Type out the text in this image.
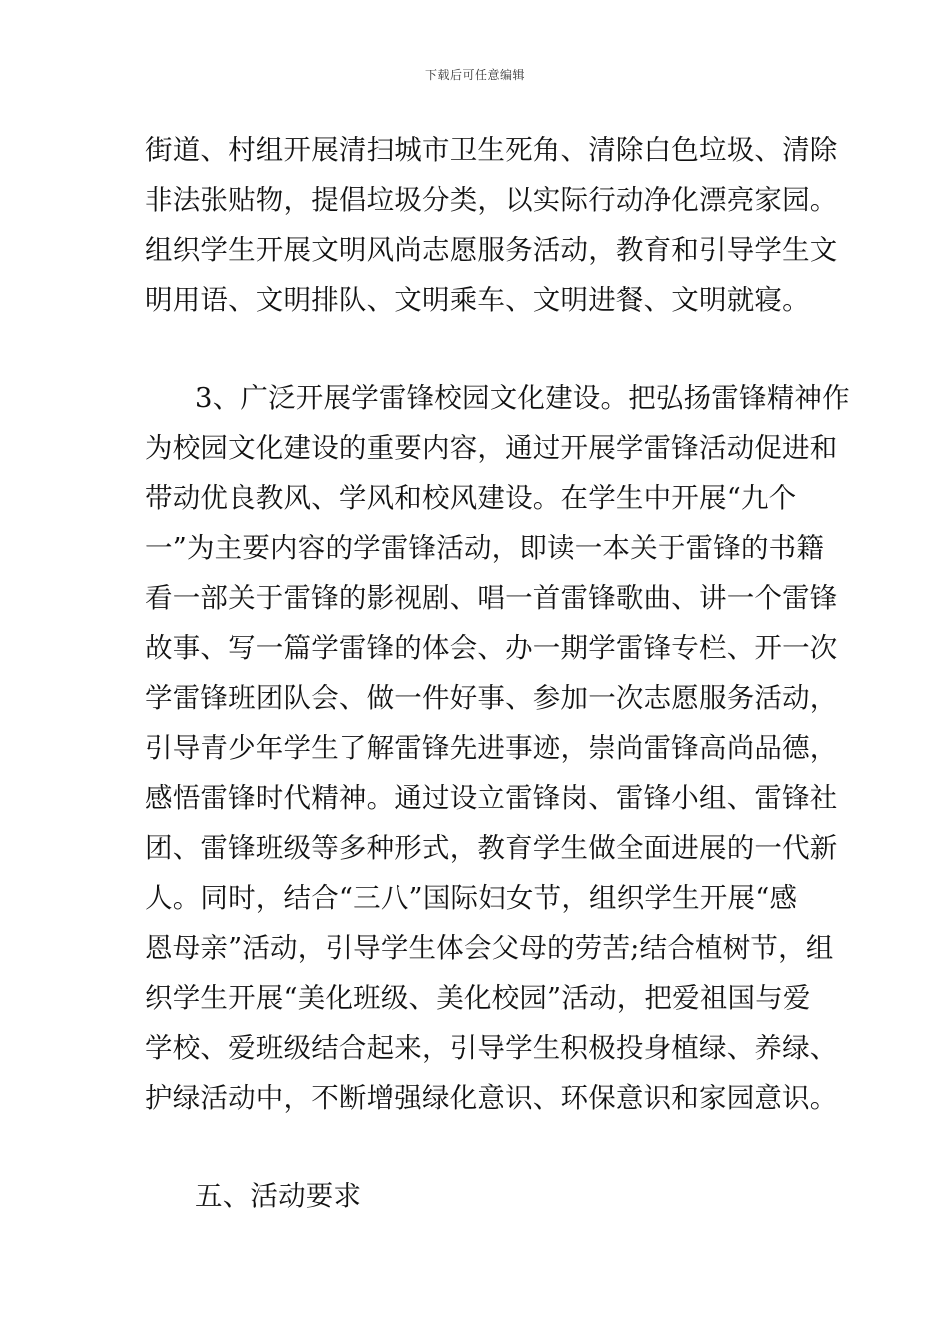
下载后可任意编辑
街道、村组开展清扫城市卫生死角、清除白色垃圾、清除
非法张贴物，提倡垃圾分类，以实际行动净化漂亮家园。
组织学生开展文明风尚志愿服务活动，教育和引导学生文
明用语、文明排队、文明乘车、文明进餐、文明就寝。
3、广泛开展学雷锋校园文化建设。把弘扬雷锋精神作
为校园文化建设的重要内容，通过开展学雷锋活动促进和
带动优良教风、学风和校风建设。在学生中开展“九个
一”为主要内容的学雷锋活动，即读一本关于雷锋的书籍
看一部关于雷锋的影视剧、唱一首雷锋歌曲、讲一个雷锋
故事、写一篇学雷锋的体会、办一期学雷锋专栏、开一次
学雷锋班团队会、做一件好事、参加一次志愿服务活动，
引导青少年学生了解雷锋先进事迹，崇尚雷锋高尚品德，
感悟雷锋时代精神。通过设立雷锋岗、雷锋小组、雷锋社
团、雷锋班级等多种形式，教育学生做全面进展的一代新
人。同时，结合“三八”国际妇女节，组织学生开展“感
恩母亲”活动，引导学生体会父母的劳苦;结合植树节，组
织学生开展“美化班级、美化校园”活动，把爱祖国与爱
学校、爱班级结合起来，引导学生积极投身植绿、养绿、
护绿活动中，不断增强绿化意识、环保意识和家园意识。
五、活动要求
